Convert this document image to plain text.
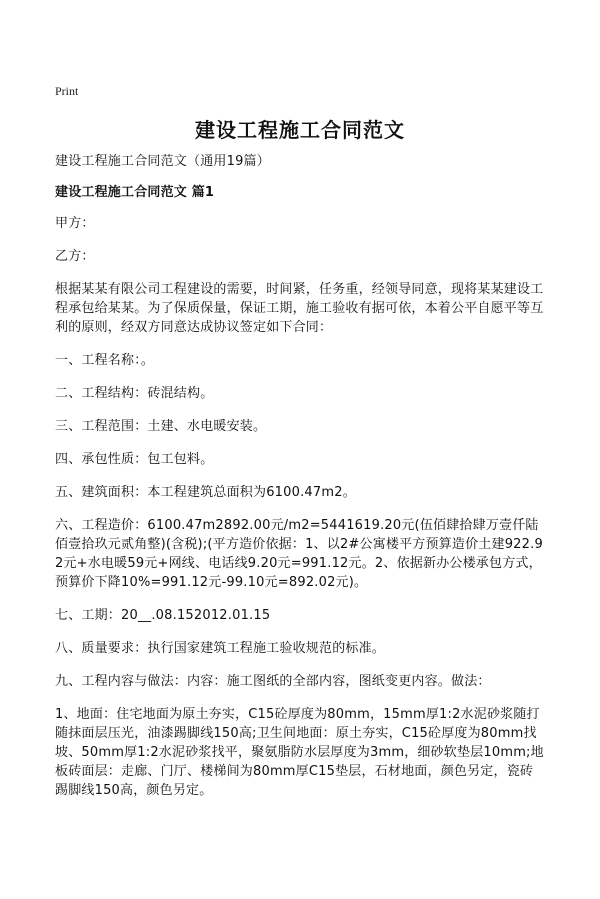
Print
建设工程施工合同范文

建设工程施工合同范文（通用19篇）

建设工程施工合同范文 篇1

甲方：

乙方：

根据某某有限公司工程建设的需要，时间紧，任务重，经领导同意，现将某某建设工程承包给某某。为了保质保量，保证工期，施工验收有据可依，本着公平自愿平等互利的原则，经双方同意达成协议签定如下合同：

一、工程名称：。

二、工程结构：砖混结构。

三、工程范围：土建、水电暖安装。

四、承包性质：包工包料。

五、建筑面积：本工程建筑总面积为6100.47m2。

六、工程造价：6100.47m2892.00元/m2=5441619.20元(伍佰肆拾肆万壹仟陆佰壹拾玖元贰角整)(含税);(平方造价依据：1、以2#公寓楼平方预算造价土建922.92元+水电暖59元+网线、电话线9.20元=991.12元。2、依据新办公楼承包方式，预算价下降10%=991.12元-99.10元=892.02元)。

七、工期：20__.08.152012.01.15

八、质量要求：执行国家建筑工程施工验收规范的标准。

九、工程内容与做法：内容：施工图纸的全部内容，图纸变更内容。做法：

1、地面：住宅地面为原土夯实，C15砼厚度为80mm，15mm厚1:2水泥砂浆随打随抹面层压光，油漆踢脚线150高;卫生间地面：原土夯实，C15砼厚度为80mm找坡、50mm厚1:2水泥砂浆找平，聚氨脂防水层厚度为3mm，细砂软垫层10mm;地板砖面层：走廊、门厅、楼梯间为80mm厚C15垫层，石材地面，颜色另定，瓷砖踢脚线150高，颜色另定。
